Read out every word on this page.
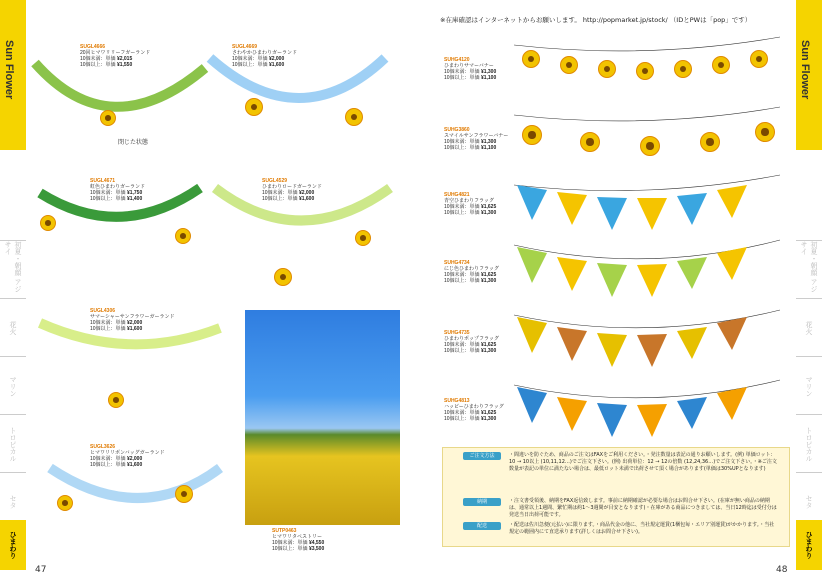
Sun Flower
初夏・朝顔 アジサイ
花火
マリン
トロピカル
セタ
ひまわり
47
Sun Flower
初夏・朝顔 アジサイ
花火
マリン
トロピカル
セタ
ひまわり
48
閉じた状態
SUGL4666
20回ヒマワリリーフガーランド
10個未満：単価 ¥2,015
10個以上：単価 ¥1,550
SUGL4669
さわやかひまわりガーランド
10個未満：単価 ¥2,000
10個以上：単価 ¥1,600
SUGL4671
虹色ひまわりガーランド
10個未満：単価 ¥1,750
10個以上：単価 ¥1,400
SUGL4529
ひまわりロードガーランド
10個未満：単価 ¥2,000
10個以上：単価 ¥1,600
SUGL4306
サマーシャーサンフラワーガーランド
10個未満：単価 ¥2,000
10個以上：単価 ¥1,600
SUGL3626
ヒマワリリボンバッグガーランド
10個未満：単価 ¥2,000
10個以上：単価 ¥1,600
SUTP0463
ヒマワリタペストリー
10個未満：単価 ¥4,550
10個以上：単価 ¥3,500
※在庫確認はインターネットからお願いします。 http://popmarket.jp/stock/ （IDとPWは「pop」です）
SUHG4120
ひまわりサマーバナー
10個未満：単価 ¥1,300
10個以上：単価 ¥1,100
SUHG3860
スマイルサンフラワーバナー
10個未満：単価 ¥1,300
10個以上：単価 ¥1,100
SUHG4821
青空ひまわりフラッグ
10個未満：単価 ¥1,625
10個以上：単価 ¥1,300
SUHG4734
にじ色ひまわりフラッグ
10個未満：単価 ¥1,625
10個以上：単価 ¥1,300
SUHG4735
ひまわりポップフラッグ
10個未満：単価 ¥1,625
10個以上：単価 ¥1,300
SUHG4813
ハッピーひまわりフラッグ
10個未満：単価 ¥1,625
10個以上：単価 ¥1,300
ご注文方法	・間違いを防ぐため、商品のご注文はFAXをご利用ください。・発注数量は表記の通りお願いします。(例) 単価ロット：10 → 10以上 (10,11,12…)でご注文下さい。(例) 出荷単位：12 → 12の倍数 (12,24,36…)でご注文下さい。・※ご注文数量が表記の単位に満たない場合は、最低ロット未満で出荷させて頂く場合があります(単価は30%UPとなります)
納期	・注文書受領後、納期をFAX返信致します。事前に納期確認が必要な場合はお問合せ下さい。(在庫が無い商品の納期は、通常以上1週間、繁忙期は約1〜3週間が目安となります)・在庫がある商品につきましては、当日12時迄は受付分は発送当日出荷可能です。
配送	・配送は佐川急便(元払い)に限ります。・商品代金の他に、当社規定運賃(1梱包毎・エリア別運賃)がかかります。・当社規定の範囲内にて直送承ります(詳しくはお問合せ下さい)。
